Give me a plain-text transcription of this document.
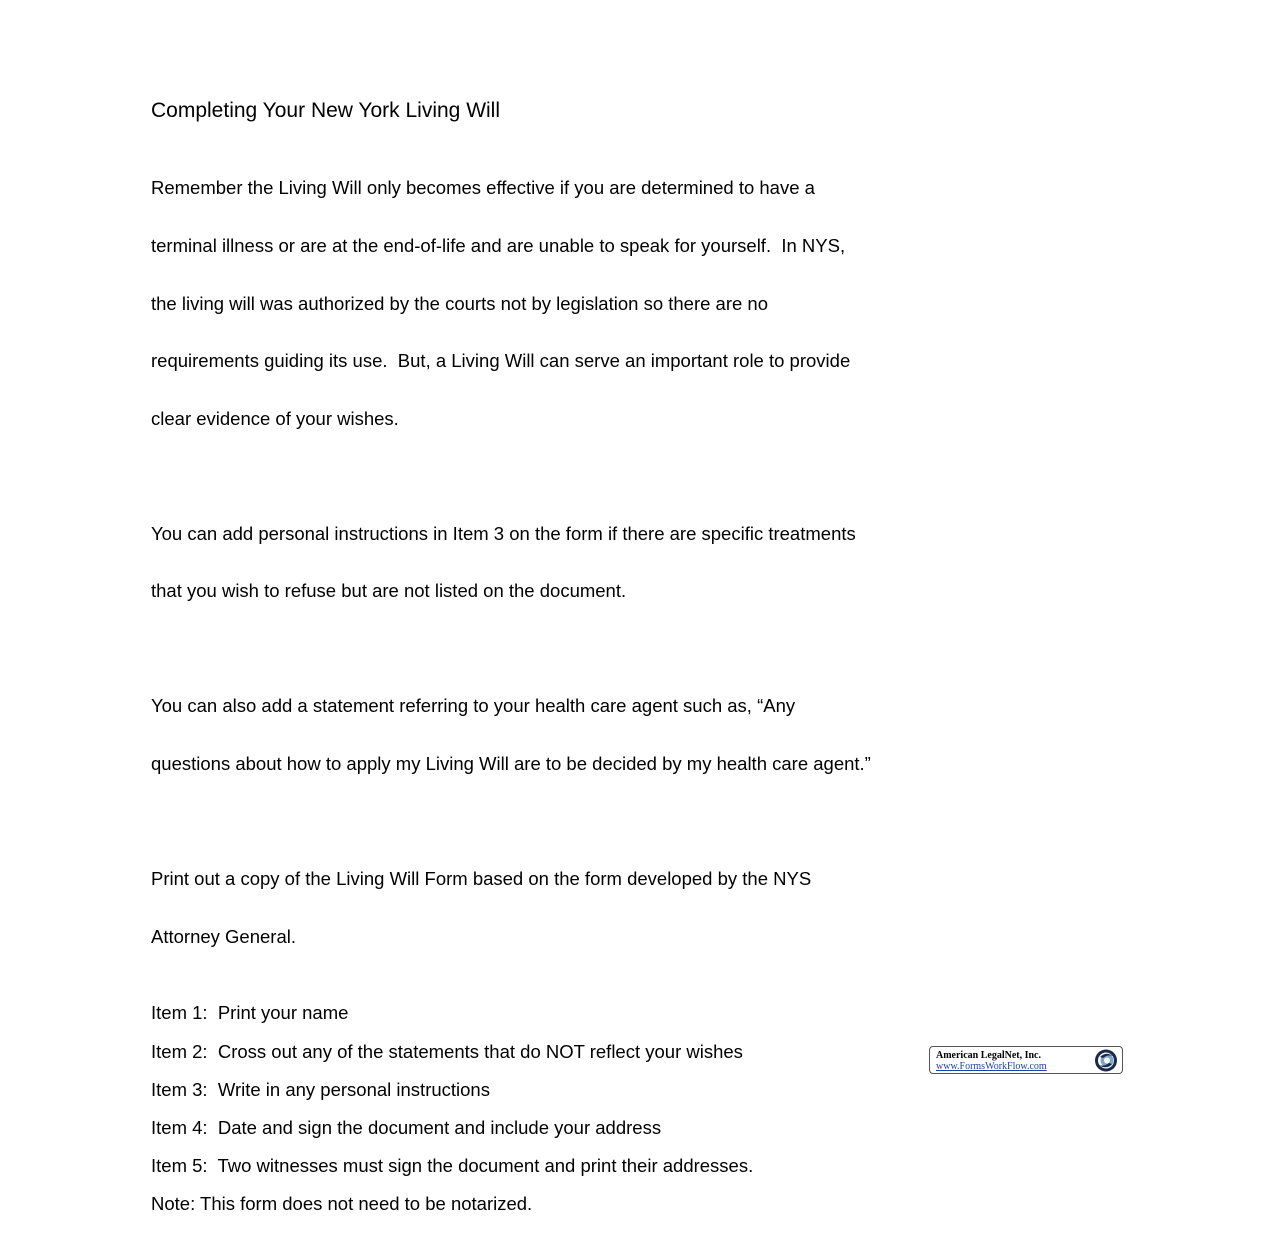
Completing Your New York Living Will

Remember the Living Will only becomes effective if you are determined to have a

terminal illness or are at the end-of-life and are unable to speak for yourself.  In NYS,

the living will was authorized by the courts not by legislation so there are no

requirements guiding its use.  But, a Living Will can serve an important role to provide

clear evidence of your wishes.

You can add personal instructions in Item 3 on the form if there are specific treatments

that you wish to refuse but are not listed on the document.

You can also add a statement referring to your health care agent such as, “Any

questions about how to apply my Living Will are to be decided by my health care agent.”

Print out a copy of the Living Will Form based on the form developed by the NYS

Attorney General.

Item 1:  Print your name

Item 2:  Cross out any of the statements that do NOT reflect your wishes

Item 3:  Write in any personal instructions

Item 4:  Date and sign the document and include your address

Item 5:  Two witnesses must sign the document and print their addresses.

Note: This form does not need to be notarized.

American LegalNet, Inc.
www.FormsWorkFlow.com
